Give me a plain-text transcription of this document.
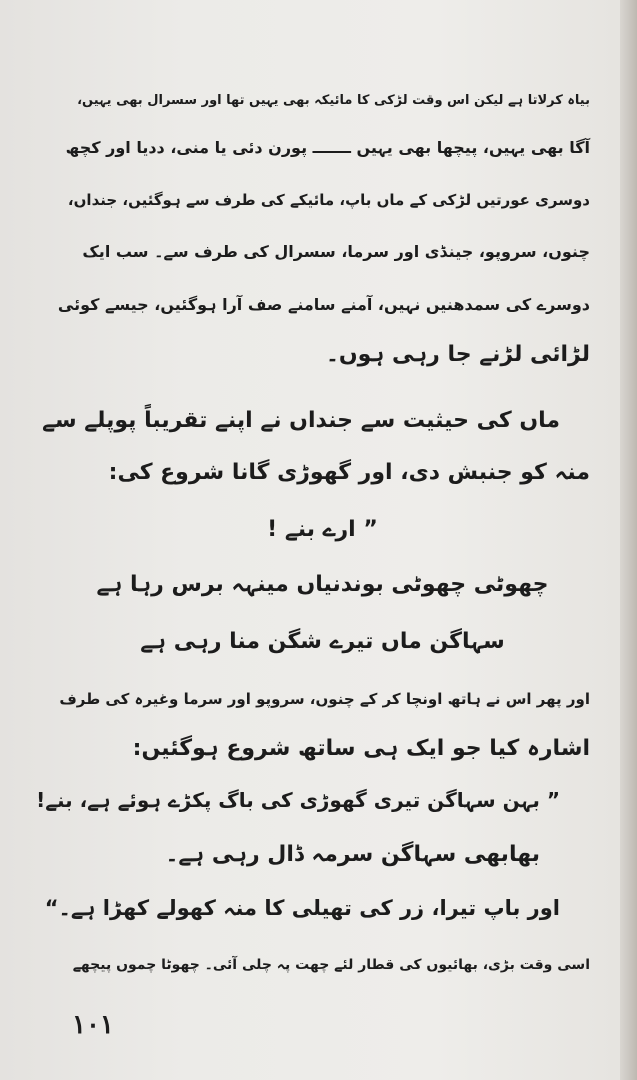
بیاہ کرلاتا ہے لیکن اس وقت لڑکی کا مائیکہ بھی یہیں تھا اور سسرال بھی یہیں،
آگا بھی یہیں، پیچھا بھی یہیں ـــــــ پورن دئی یا منی، ددیا اور کچھ
دوسری عورتیں لڑکی کے ماں باپ، مائیکے کی طرف سے ہوگئیں، جنداں،
چنوں، سروپو، جینڈی اور سرما، سسرال کی طرف سے۔ سب ایک
دوسرے کی سمدھنیں نہیں، آمنے سامنے صف آرا ہوگئیں، جیسے کوئی
لڑائی لڑنے جا رہی ہوں۔
ماں کی حیثیت سے جنداں نے اپنے تقریباً پوپلے سے
منہ کو جنبش دی، اور گھوڑی گانا شروع کی:
” ارے بنے !
چھوٹی چھوٹی بوندنیاں مینہہ برس رہا ہے
سہاگن ماں تیرے شگن منا رہی ہے
اور پھر اس نے ہاتھ اونچا کر کے چنوں، سروپو اور سرما وغیرہ کی طرف
اشارہ کیا جو ایک ہی ساتھ شروع ہوگئیں:
” بہن سہاگن تیری گھوڑی کی باگ پکڑے ہوئے ہے، بنے!
بھابھی سہاگن سرمہ ڈال رہی ہے۔
اور باپ تیرا، زر کی تھیلی کا منہ کھولے کھڑا ہے۔“
اسی وقت بڑی، بھائیوں کی قطار لئے چھت پہ چلی آئی۔ چھوٹا چموں پیچھے
١٠١
